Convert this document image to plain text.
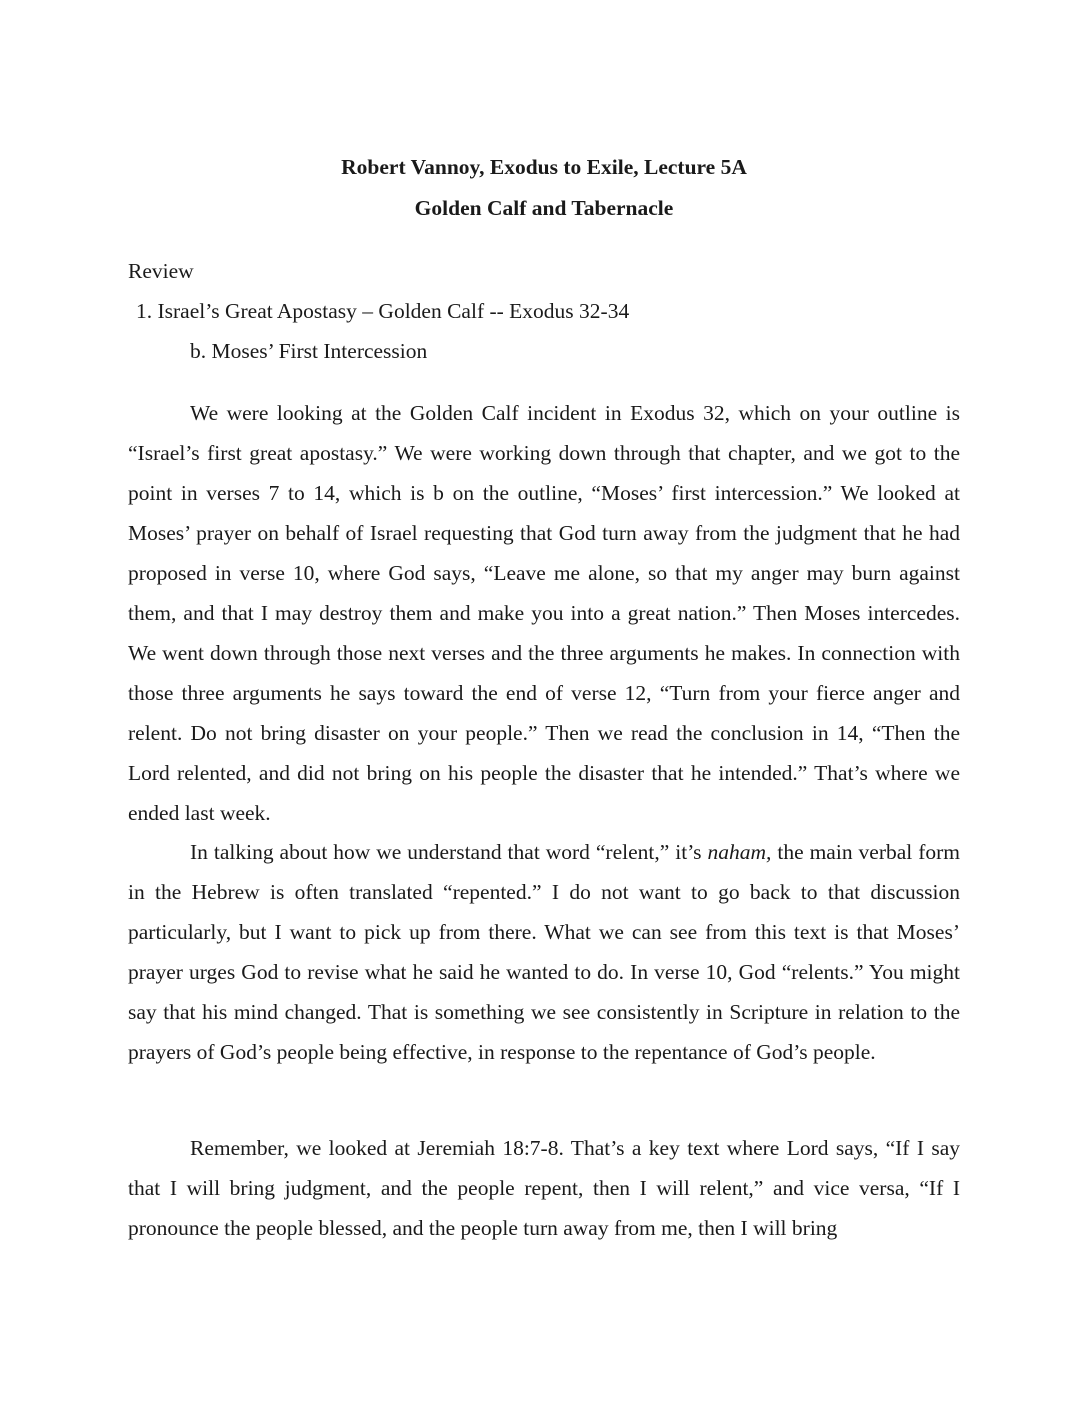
Robert Vannoy, Exodus to Exile, Lecture 5A
Golden Calf and Tabernacle

Review

1. Israel’s Great Apostasy – Golden Calf -- Exodus 32-34

b. Moses’ First Intercession

We were looking at the Golden Calf incident in Exodus 32, which on your outline is “Israel’s first great apostasy.” We were working down through that chapter, and we got to the point in verses 7 to 14, which is b on the outline, “Moses’ first intercession.” We looked at Moses’ prayer on behalf of Israel requesting that God turn away from the judgment that he had proposed in verse 10, where God says, “Leave me alone, so that my anger may burn against them, and that I may destroy them and make you into a great nation.” Then Moses intercedes. We went down through those next verses and the three arguments he makes. In connection with those three arguments he says toward the end of verse 12, “Turn from your fierce anger and relent. Do not bring disaster on your people.” Then we read the conclusion in 14, “Then the Lord relented, and did not bring on his people the disaster that he intended.” That’s where we ended last week.

In talking about how we understand that word “relent,” it’s naham, the main verbal form in the Hebrew is often translated “repented.” I do not want to go back to that discussion particularly, but I want to pick up from there. What we can see from this text is that Moses’ prayer urges God to revise what he said he wanted to do. In verse 10, God “relents.” You might say that his mind changed. That is something we see consistently in Scripture in relation to the prayers of God’s people being effective, in response to the repentance of God’s people.

Remember, we looked at Jeremiah 18:7-8. That’s a key text where Lord says, “If I say that I will bring judgment, and the people repent, then I will relent,” and vice versa, “If I pronounce the people blessed, and the people turn away from me, then I will bring
